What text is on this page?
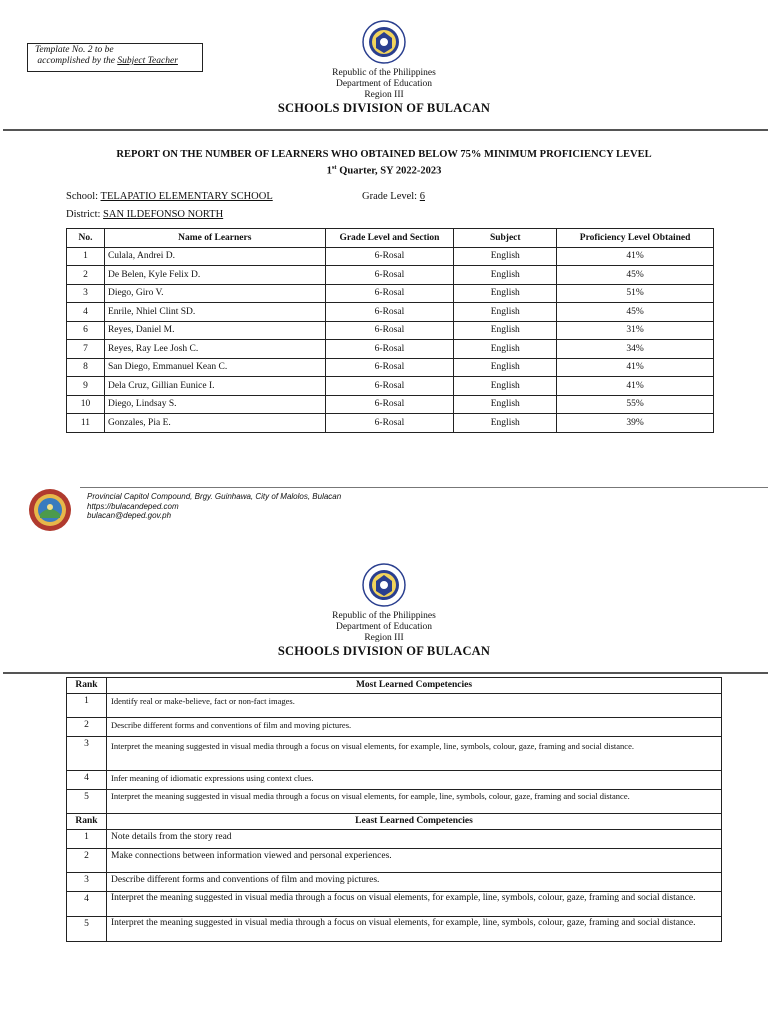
Template No. 2 to be
accomplished by the Subject Teacher
Republic of the Philippines
Department of Education
Region III
SCHOOLS DIVISION OF BULACAN
REPORT ON THE NUMBER OF LEARNERS WHO OBTAINED BELOW 75% MINIMUM PROFICIENCY LEVEL
1st Quarter, SY 2022-2023
School: TELAPATIO ELEMENTARY SCHOOL	Grade Level: 6
District: SAN ILDEFONSO NORTH
No.	Name of Learners	Grade Level and Section	Subject	Proficiency Level Obtained
1	Culala, Andrei D.	6-Rosal	English	41%
2	De Belen, Kyle Felix D.	6-Rosal	English	45%
3	Diego, Giro V.	6-Rosal	English	51%
4	Enrile, Nhiel Clint SD.	6-Rosal	English	45%
6	Reyes, Daniel M.	6-Rosal	English	31%
7	Reyes, Ray Lee Josh C.	6-Rosal	English	34%
8	San Diego, Emmanuel Kean C.	6-Rosal	English	41%
9	Dela Cruz, Gillian Eunice I.	6-Rosal	English	41%
10	Diego, Lindsay S.	6-Rosal	English	55%
11	Gonzales, Pia E.	6-Rosal	English	39%
Provincial Capitol Compound, Brgy. Guinhawa, City of Malolos, Bulacan
https://bulacandeped.com
bulacan@deped.gov.ph
Republic of the Philippines
Department of Education
Region III
SCHOOLS DIVISION OF BULACAN
Rank	Most Learned Competencies
1	Identify real or make-believe, fact or non-fact images.
2	Describe different forms and conventions of film and moving pictures.
3	Interpret the meaning suggested in visual media through a focus on visual elements, for example, line, symbols, colour, gaze, framing and social distance.
4	Infer meaning of idiomatic expressions using context clues.
5	Interpret the meaning suggested in visual media through a focus on visual elements, for eample, line, symbols, colour, gaze, framing and social distance.
Rank	Least Learned Competencies
1	Note details from the story read
2	Make connections between information viewed and personal experiences.
3	Describe different forms and conventions of film and moving pictures.
4	Interpret the meaning suggested in visual media through a focus on visual elements, for example, line, symbols, colour, gaze, framing and social distance.
5	Interpret the meaning suggested in visual media through a focus on visual elements, for example, line, symbols, colour, gaze, framing and social distance.
